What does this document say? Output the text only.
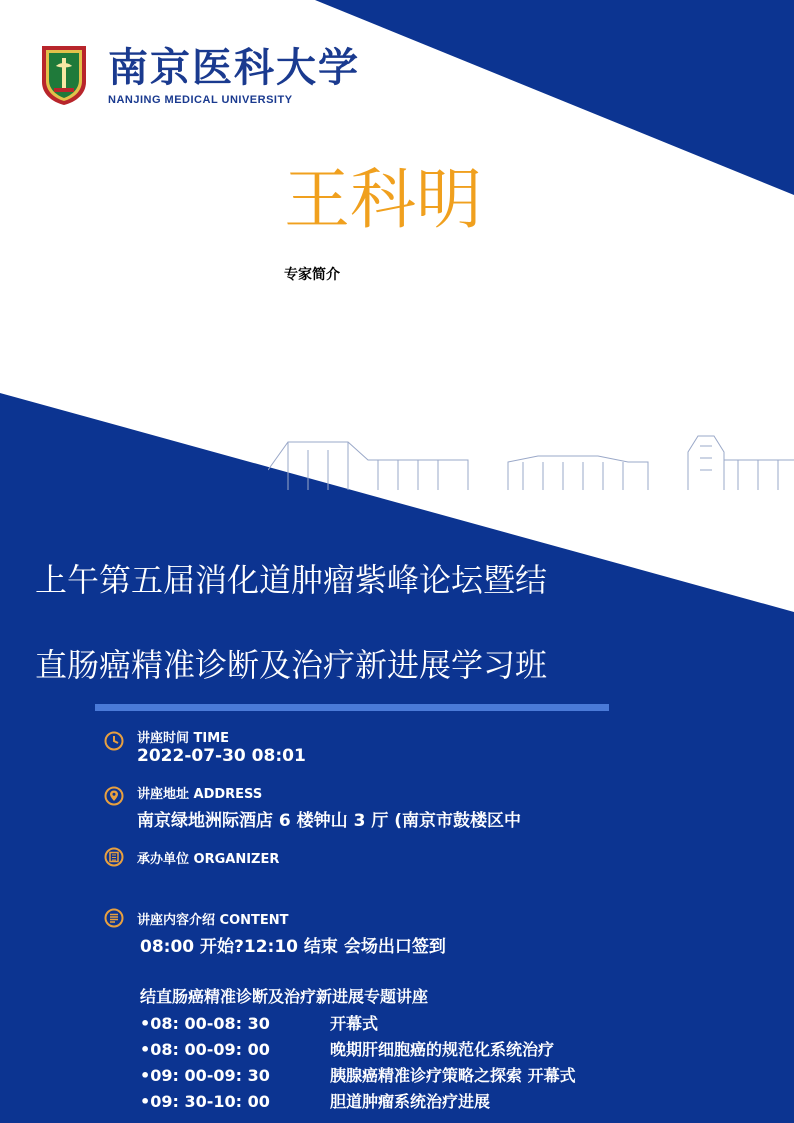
南京医科大学
NANJING MEDICAL UNIVERSITY
王科明
专家简介
上午第五届消化道肿瘤紫峰论坛暨结
直肠癌精准诊断及治疗新进展学习班
讲座时间 TIME
2022-07-30 08:01
讲座地址 ADDRESS
南京绿地洲际酒店 6 楼钟山 3 厅 (南京市鼓楼区中
承办单位 ORGANIZER
讲座内容介绍 CONTENT
08:00 开始?12:10 结束 会场出口签到
结直肠癌精准诊断及治疗新进展专题讲座
•08: 00-08: 30	开幕式
•08: 00-09: 00	晚期肝细胞癌的规范化系统治疗
•09: 00-09: 30	胰腺癌精准诊疗策略之探索 开幕式
•09: 30-10: 00	胆道肿瘤系统治疗进展
